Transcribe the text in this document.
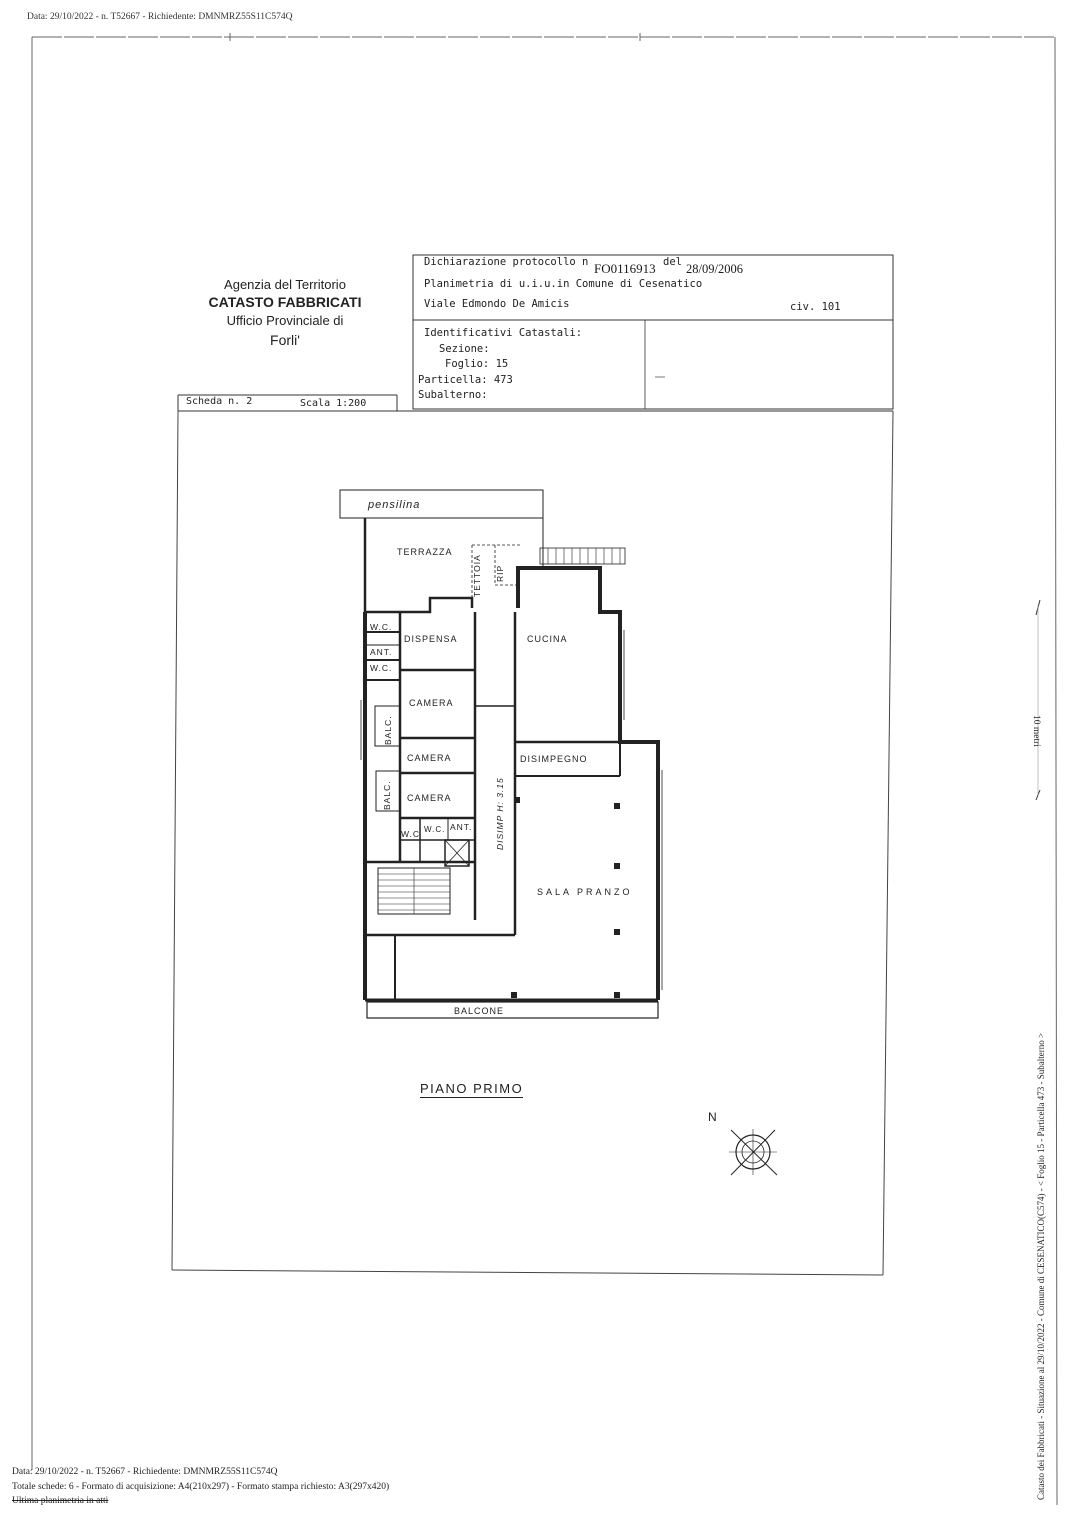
Data: 29/10/2022 - n. T52667 - Richiedente: DMNMRZ55S11C574Q
Agenzia del Territorio
CATASTO FABBRICATI
Ufficio Provinciale di
Forli'
Dichiarazione protocollo n FO0116913 del 28/09/2006
Planimetria di u.i.u.in Comune di Cesenatico
Viale Edmondo De Amicis	civ. 101
Identificativi Catastali:
Sezione:
Foglio: 15
Particella: 473
Subalterno:
Scheda n. 2	Scala 1:200
pensilina
TERRAZZA
TETTOIA RIP
W.C.
ANT.
W.C.
DISPENSA	CUCINA
CAMERA
BALC.
CAMERA	DISIMPEGNO
BALC. CAMERA	DISIMP H: 3.15
W.C W.C. ANT.
SALA PRANZO
BALCONE
PIANO PRIMO
N
10 metri
Catasto dei Fabbricati - Situazione al 29/10/2022 - Comune di CESENATICO(C574) - < Foglio 15 - Particella 473 - Subalterno >
Data: 29/10/2022 - n. T52667 - Richiedente: DMNMRZ55S11C574Q
Totale schede: 6 - Formato di acquisizione: A4(210x297) - Formato stampa richiesto: A3(297x420)
Ultima planimetria in atti
